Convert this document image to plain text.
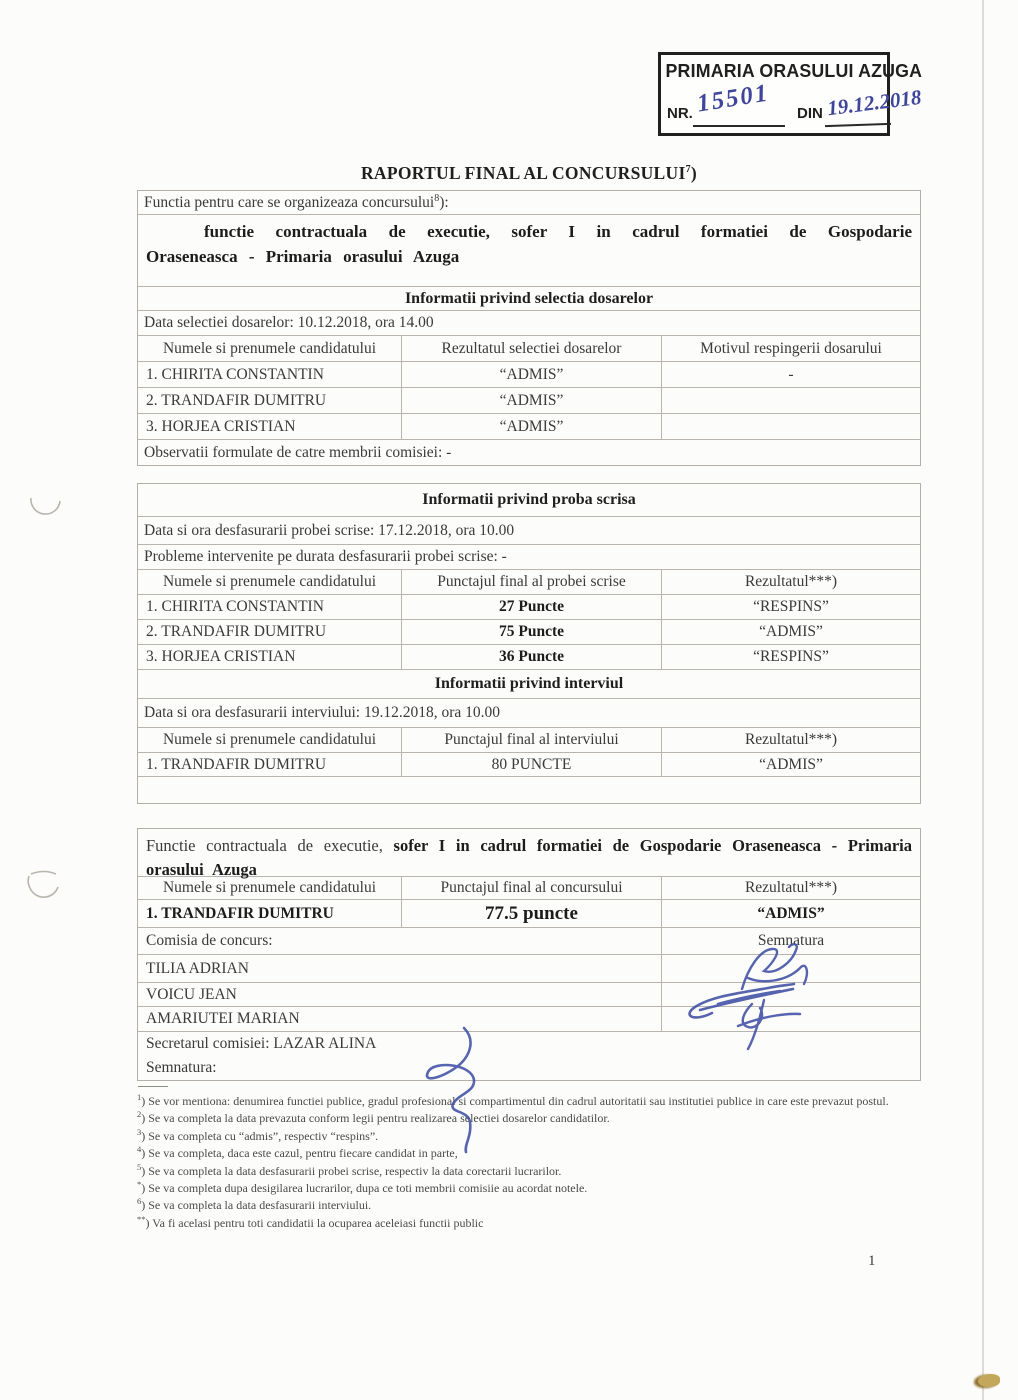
PRIMARIA ORASULUI AZUGA
NR. 15501 DIN 19.12.2018
RAPORTUL FINAL AL CONCURSULUI$^7$)
Functia pentru care se organizeaza concursului$^8$):
functie contractuala de executie, sofer I in cadrul formatiei de Gospodarie Oraseneasca - Primaria orasului Azuga
Informatii privind selectia dosarelor
Data selectiei dosarelor: 10.12.2018, ora 14.00
Numele si prenumele candidatului	Rezultatul selectiei dosarelor	Motivul respingerii dosarului
1. CHIRITA CONSTANTIN	“ADMIS”	-
2. TRANDAFIR DUMITRU	“ADMIS”
3. HORJEA CRISTIAN	“ADMIS”
Observatii formulate de catre membrii comisiei: -
Informatii privind proba scrisa
Data si ora desfasurarii probei scrise: 17.12.2018, ora 10.00
Probleme intervenite pe durata desfasurarii probei scrise: -
Numele si prenumele candidatului	Punctajul final al probei scrise	Rezultatul***)
1. CHIRITA CONSTANTIN	27 Puncte	“RESPINS”
2. TRANDAFIR DUMITRU	75 Puncte	“ADMIS”
3. HORJEA CRISTIAN	36 Puncte	“RESPINS”
Informatii privind interviul
Data si ora desfasurarii interviului: 19.12.2018, ora 10.00
Numele si prenumele candidatului	Punctajul final al interviului	Rezultatul***)
1. TRANDAFIR DUMITRU	80 PUNCTE	“ADMIS”
Functie contractuala de executie, sofer I in cadrul formatiei de Gospodarie Oraseneasca - Primaria orasului Azuga
Numele si prenumele candidatului	Punctajul final al concursului	Rezultatul***)
1. TRANDAFIR DUMITRU	77.5 puncte	“ADMIS”
Comisia de concurs:	Semnatura
TILIA ADRIAN
VOICU JEAN
AMARIUTEI MARIAN
Secretarul comisiei: LAZAR ALINA
Semnatura:
$^1$) Se vor mentiona: denumirea functiei publice, gradul profesional si compartimentul din cadrul autoritatii sau institutiei publice in care este prevazut postul.
$^2$) Se va completa la data prevazuta conform legii pentru realizarea selectiei dosarelor candidatilor.
$^3$) Se va completa cu “admis”, respectiv “respins”.
$^4$) Se va completa, daca este cazul, pentru fiecare candidat in parte,
$^5$) Se va completa la data desfasurarii probei scrise, respectiv la data corectarii lucrarilor.
*) Se va completa dupa desigilarea lucrarilor, dupa ce toti membrii comisiie au acordat notele.
$^6$) Se va completa la data desfasurarii interviului.
**) Va fi acelasi pentru toti candidatii la ocuparea aceleiasi functii public
1
